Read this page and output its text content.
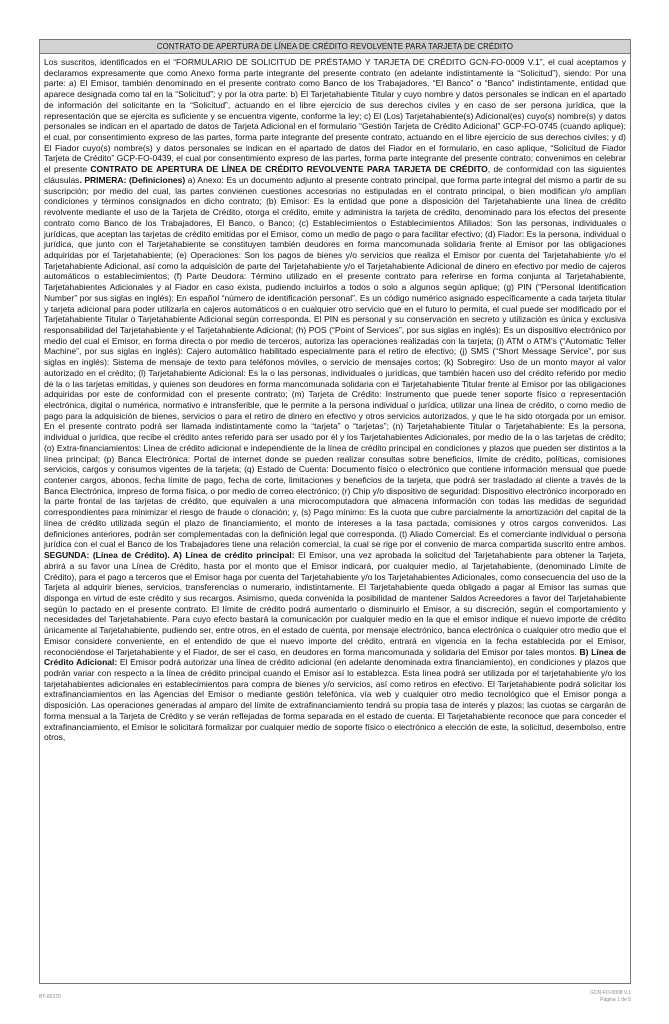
CONTRATO DE APERTURA DE LÍNEA DE CRÉDITO REVOLVENTE PARA TARJETA DE CRÉDITO
Los suscritos, identificados en el “FORMULARIO DE SOLICITUD DE PRÉSTAMO Y TARJETA DE CRÉDITO GCN-FO-0009 V.1”, el cual aceptamos y declaramos expresamente que como Anexo forma parte integrante del presente contrato (en adelante indistintamente la “Solicitud”), siendo: Por una parte: a) El Emisor, también denominado en el presente contrato como Banco de los Trabajadores, “El Banco” o “Banco” indistintamente, entidad que aparece designada como tal en la “Solicitud”; y por la otra parte: b) El Tarjetahabiente Titular y cuyo nombre y datos personales se indican en el apartado de información del solicitante en la “Solicitud”, actuando en el libre ejercicio de sus derechos civiles y en caso de ser persona jurídica, que la representación que se ejercita es suficiente y se encuentra vigente, conforme la ley; c) El (Los) Tarjetahabiente(s) Adicional(es) cuyo(s) nombre(s) y datos personales se indican en el apartado de datos de Tarjeta Adicional en el formulario “Gestión Tarjeta de Crédito Adicional” GCP-FO-0745 (cuando aplique); el cual, por consentimiento expreso de las partes, forma parte integrante del presente contrato, actuando en el libre ejercicio de sus derechos civiles; y d) El Fiador cuyo(s) nombre(s) y datos personales se indican en el apartado de datos del Fiador en el formulario, en caso aplique, “Solicitud de Fiador Tarjeta de Crédito” GCP-FO-0439, el cual por consentimiento expreso de las partes, forma parte integrante del presente contrato; convenimos en celebrar el presente CONTRATO DE APERTURA DE LÍNEA DE CRÉDITO REVOLVENTE PARA TARJETA DE CRÉDITO, de conformidad con las siguientes cláusulas. PRIMERA: (Definiciones) a) Anexo: Es un documento adjunto al presente contrato principal, que forma parte integral del mismo a partir de su suscripción; por medio del cual, las partes convienen cuestiones accesorias no estipuladas en el contrato principal, o bien modifican y/o amplían condiciones y términos consignados en dicho contrato; (b) Emisor: Es la entidad que pone a disposición del Tarjetahabiente una línea de crédito revolvente mediante el uso de la Tarjeta de Crédito, otorga el crédito, emite y administra la tarjeta de crédito, denominado para los efectos del presente contrato como Banco de los Trabajadores, El Banco, o Banco; (c) Establecimientos o Establecimientos Afiliados: Son las personas, individuales o jurídicas, que aceptan las tarjetas de crédito emitidas por el Emisor, como un medio de pago o para facilitar efectivo; (d) Fiador: Es la persona, individual o jurídica, que junto con el Tarjetahabiente se constituyen también deudores en forma mancomunada solidaria frente al Emisor por las obligaciones adquiridas por el Tarjetahabiente; (e) Operaciones: Son los pagos de bienes y/o servicios que realiza el Emisor por cuenta del Tarjetahabiente y/o el Tarjetahabiente Adicional, así como la adquisición de parte del Tarjetahabiente y/o el Tarjetahabiente Adicional de dinero en efectivo por medio de cajeros automáticos o establecimientos; (f) Parte Deudora: Término utilizado en el presente contrato para referirse en forma conjunta al Tarjetahabiente, Tarjetahabientes Adicionales y al Fiador en caso exista, pudiendo incluirlos a todos o solo a algunos según aplique; (g) PIN (“Personal Identification Number” por sus siglas en inglés): En español “número de identificación personal”. Es un código numérico asignado específicamente a cada tarjeta titular y tarjeta adicional para poder utilizarla en cajeros automáticos o en cualquier otro servicio que en el futuro lo permita, el cual puede ser modificado por el Tarjetahabiente Titular o Tarjetahabiente Adicional según corresponda. El PIN es personal y su conservación en secreto y utilización es única y exclusiva responsabilidad del Tarjetahabiente y el Tarjetahabiente Adicional; (h) POS (“Point of Services”, por sus siglas en inglés): Es un dispositivo electrónico por medio del cual el Emisor, en forma directa o por medio de terceros, autoriza las operaciones realizadas con la tarjeta; (i) ATM o ATM’s (“Automatic Teller Machine”, por sus siglas en inglés): Cajero automático habilitado especialmente para el retiro de efectivo; (j) SMS (“Short Message Service”, por sus siglas en inglés): Sistema de mensaje de texto para teléfonos móviles, o servicio de mensajes cortos; (k) Sobregiro: Uso de un monto mayor al valor autorizado en el crédito; (l) Tarjetahabiente Adicional: Es la o las personas, individuales o jurídicas, que también hacen uso del crédito referido por medio de la o las tarjetas emitidas, y quienes son deudores en forma mancomunada solidaria con el Tarjetahabiente Titular frente al Emisor por las obligaciones adquiridas por este de conformidad con el presente contrato; (m) Tarjeta de Crédito: Instrumento que puede tener soporte físico o representación electrónica, digital o numérica, normativo e intransferible, que le permite a la persona individual o jurídica, utilizar una línea de crédito, o como medio de pago para la adquisición de bienes, servicios o para el retiro de dinero en efectivo y otros servicios autorizados, y que le ha sido otorgada por un emisor. En el presente contrato podrá ser llamada indistintamente como la “tarjeta” o “tarjetas”; (n) Tarjetahabiente Titular o Tarjetahabiente: Es la persona, individual o jurídica, que recibe el crédito antes referido para ser usado por él y los Tarjetahabientes Adicionales, por medio de la o las tarjetas de crédito; (o) Extra-financiamientos: Línea de crédito adicional e independiente de la línea de crédito principal en condiciones y plazos que pueden ser distintos a la línea principal; (p) Banca Electrónica: Portal de internet donde se pueden realizar consultas sobre beneficios, límite de crédito, políticas, comisiones servicios, cargos y consumos vigentes de la tarjeta; (q) Estado de Cuenta: Documento físico o electrónico que contiene información mensual que puede contener cargos, abonos, fecha límite de pago, fecha de corte, limitaciones y beneficios de la tarjeta, que podrá ser trasladado al cliente a través de la Banca Electrónica, impreso de forma física, o por medio de correo electrónico; (r) Chip y/o dispositivo de seguridad: Dispositivo electrónico incorporado en la parte frontal de las tarjetas de crédito, que equivalen a una microcomputadora que almacena información con todas las medidas de seguridad correspondientes para minimizar el riesgo de fraude o clonación; y, (s) Pago mínimo: Es la cuota que cubre parcialmente la amortización del capital de la línea de crédito utilizada según el plazo de financiamiento, el monto de intereses a la tasa pactada, comisiones y otros cargos convenidos. Las definiciones anteriores, podrán ser complementadas con la definición legal que corresponda. (t) Aliado Comercial: Es el comerciante individual o persona jurídica con el cual el Banco de los Trabajadores tiene una relación comercial, la cual se rige por el convenio de marca compartida suscrito entre ambos. SEGUNDA: (Línea de Crédito). A) Línea de crédito principal: El Emisor, una vez aprobada la solicitud del Tarjetahabiente para obtener la Tarjeta, abrirá a su favor una Línea de Crédito, hasta por el monto que el Emisor indicará, por cualquier medio, al Tarjetahabiente, (denominado Límite de Crédito), para el pago a terceros que el Emisor haga por cuenta del Tarjetahabiente y/o los Tarjetahabientes Adicionales, como consecuencia del uso de la Tarjeta al adquirir bienes, servicios, transferencias o numerario, indistintamente. El Tarjetahabiente queda obligado a pagar al Emisor las sumas que disponga en virtud de este crédito y sus recargos. Asimismo, queda convenida la posibilidad de mantener Saldos Acreedores a favor del Tarjetahabiente según lo pactado en el presente contrato. El límite de crédito podrá aumentarlo o disminuirlo el Emisor, a su discreción, según el comportamiento y necesidades del Tarjetahabiente. Para cuyo efecto bastará la comunicación por cualquier medio en la que el emisor indique el nuevo importe de crédito únicamente al Tarjetahabiente, pudiendo ser, entre otros, en el estado de cuenta, por mensaje electrónico, banca electrónica o cualquier otro medio que el Emisor considere conveniente, en el entendido de que el nuevo importe del crédito, entrará en vigencia en la fecha establecida por el Emisor, reconociéndose el Tarjetahabiente y el Fiador, de ser el caso, en deudores en forma mancomunada y solidaria del Emisor por tales montos. B) Línea de Crédito Adicional: El Emisor podrá autorizar una línea de crédito adicional (en adelante denominada extra financiamiento), en condiciones y plazos que podrán variar con respecto a la línea de crédito principal cuando el Emisor así lo establezca. Esta línea podrá ser utilizada por el tarjetahabiente y/o los tarjetahabientes adicionales en establecimientos para compra de bienes y/o servicios, así como retiros en efectivo. El Tarjetahabiente podrá solicitar los extrafinanciamientos en las Agencias del Emisor o mediante gestión telefónica, vía web y cualquier otro medio tecnológico que el Emisor ponga a disposición. Las operaciones generadas al amparo del límite de extrafinanciamiento tendrá su propia tasa de interés y plazos; las cuotas se cargarán de forma mensual a la Tarjeta de Crédito y se verán reflejadas de forma separada en el estado de cuenta. El Tarjetahabiente reconoce que para conceder el extrafinanciamiento, el Emisor le solicitará formalizar por cualquier medio de soporte físico o electrónico a elección de este, la solicitud, desembolso, entre otros,
BT-00370
GCN-FO-0008 V.1
Página 1 de 5
